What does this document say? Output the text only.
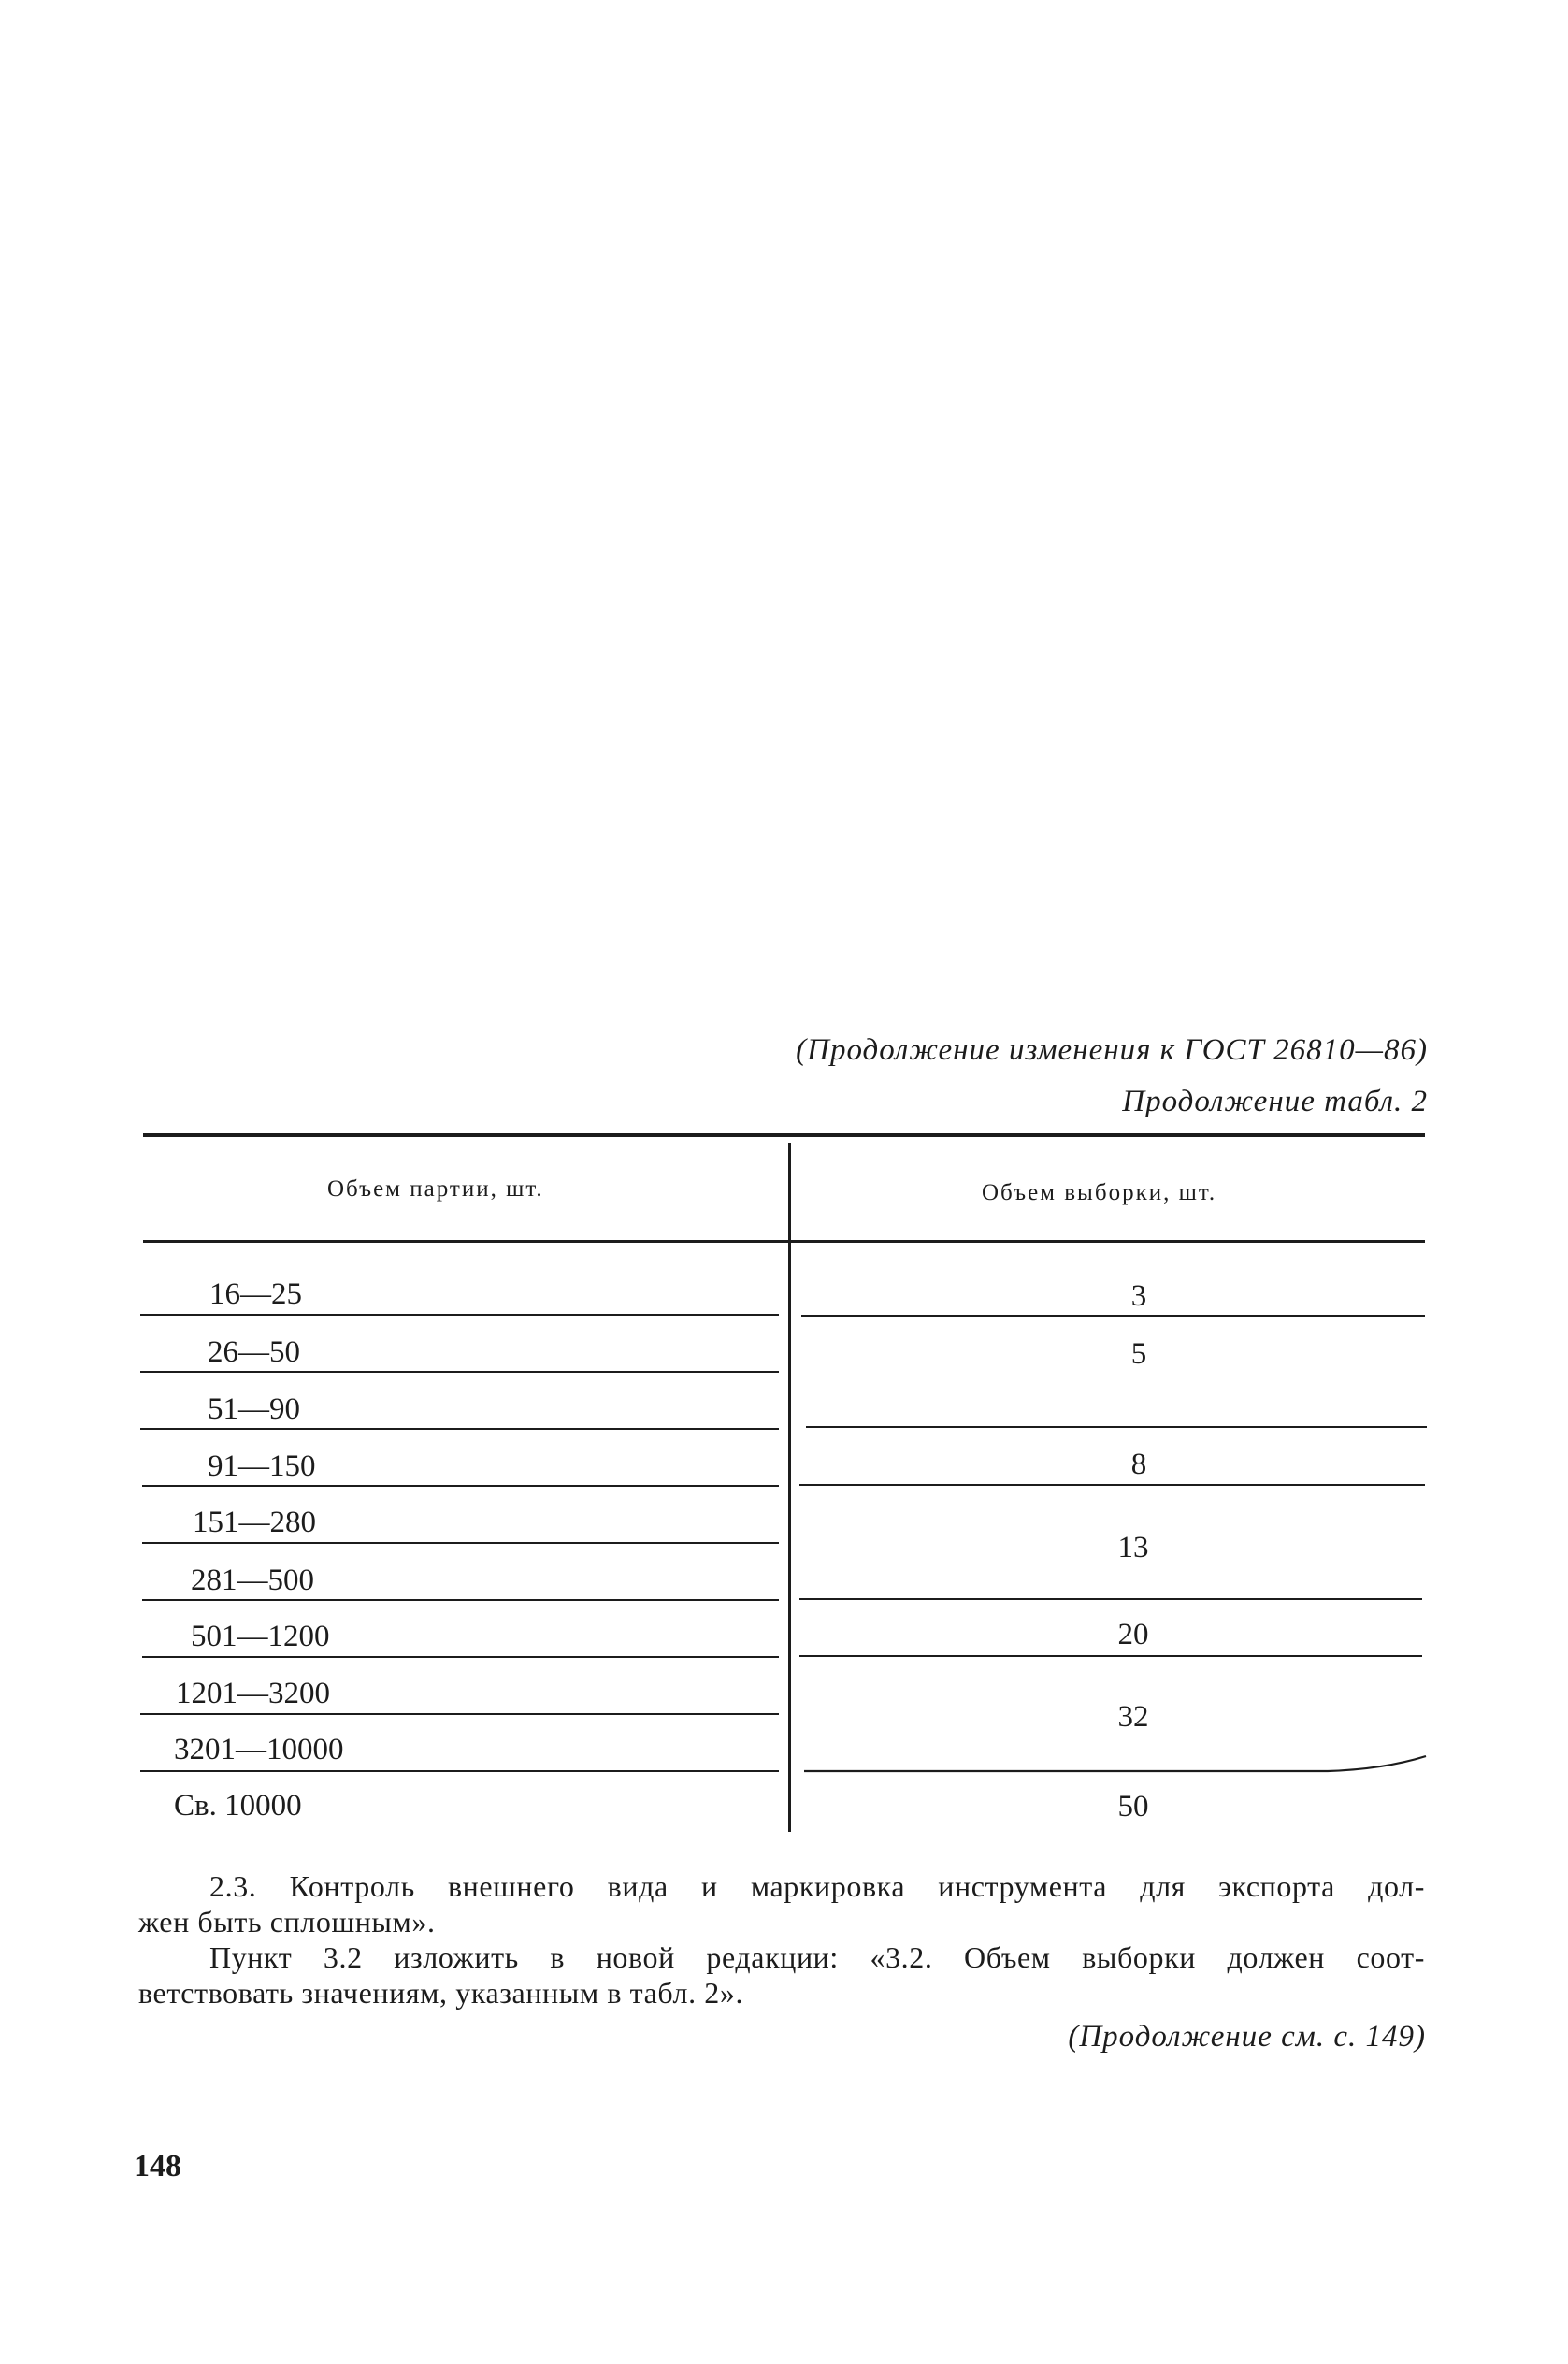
(Продолжение изменения к ГОСТ 26810—86)
Продолжение табл. 2
Объем партии, шт.	Объем выборки, шт.
16—25
26—50
51—90
91—150
151—280
281—500
501—1200
1201—3200
3201—10000
Св. 10000
3
5
8
13
20
32
50
2.3. Контроль внешнего вида и маркировка инструмента для экспорта дол-
жен быть сплошным».
Пункт 3.2 изложить в новой редакции: «3.2. Объем выборки должен соот-
ветствовать значениям, указанным в табл. 2».
(Продолжение см. с. 149)
148
